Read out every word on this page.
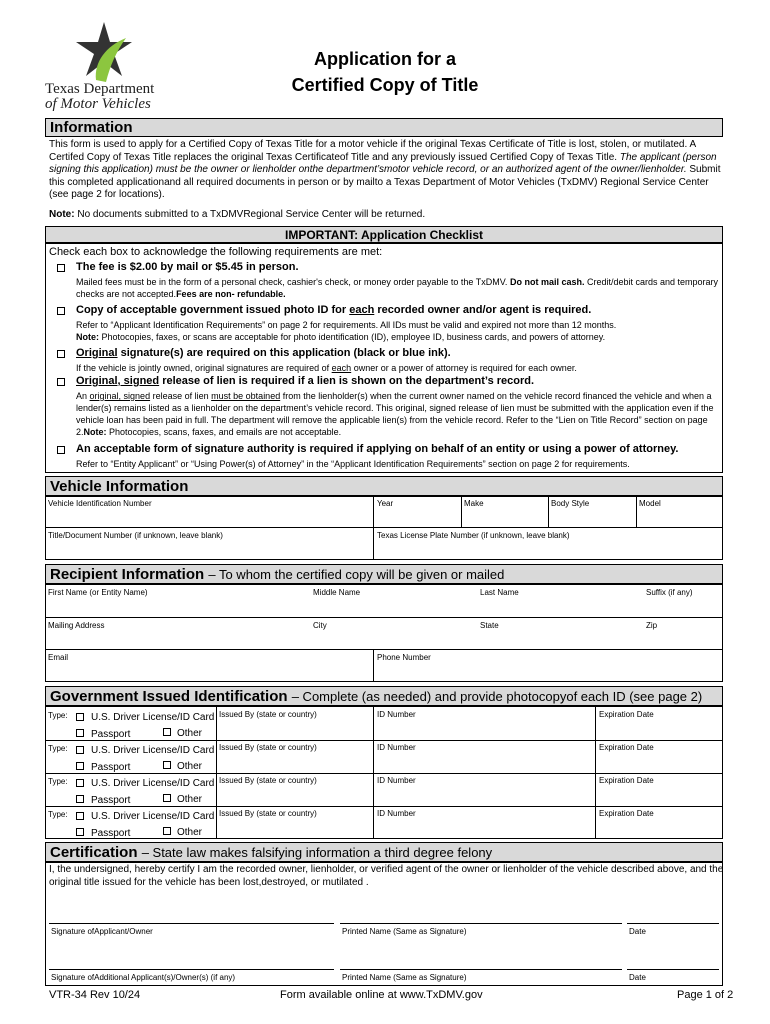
Texas Department
of Motor Vehicles
Application for a
Certified Copy of Title
Information
This form is used to apply for a Certified Copy of Texas Title for a motor vehicle if the original Texas Certificate of Title is lost, stolen, or mutilated. A Certifed Copy of Texas Title replaces the original Texas Certificateof Title and any previously issued Certified Copy of Texas Title. The applicant (person signing this application) must be the owner or lienholder onthe department’smotor vehicle record, or an authorized agent of the owner/lienholder. Submit this completed applicationand all required documents in person or by mailto a Texas Department of Motor Vehicles (TxDMV) Regional Service Center (see page 2 for locations).
Note: No documents submitted to a TxDMVRegional Service Center will be returned.
IMPORTANT: Application Checklist
Check each box to acknowledge the following requirements are met:
The fee is $2.00 by mail or $5.45 in person.
Mailed fees must be in the form of a personal check, cashier's check, or money order payable to the TxDMV. Do not mail cash. Credit/debit cards and temporary checks are not accepted.Fees are non- refundable.
Copy of acceptable government issued photo ID for each recorded owner and/or agent is required.
Refer to “Applicant Identification Requirements” on page 2 for requirements. All IDs must be valid and expired not more than 12 months.
Note: Photocopies, faxes, or scans are acceptable for photo identification (ID), employee ID, business cards, and powers of attorney.
Original signature(s) are required on this application (black or blue ink).
If the vehicle is jointly owned, original signatures are required of each owner or a power of attorney is required for each owner.
Original, signed release of lien is required if a lien is shown on the department’s record.
An original, signed release of lien must be obtained from the lienholder(s) when the current owner named on the vehicle record financed the vehicle and when a lender(s) remains listed as a lienholder on the department’s vehicle record. This original, signed release of lien must be submitted with the application even if the vehicle loan has been paid in full. The department will remove the applicable lien(s) from the vehicle record. Refer to the “Lien on Title Record” section on page 2.Note: Photocopies, scans, faxes, and emails are not acceptable.
An acceptable form of signature authority is required if applying on behalf of an entity or using a power of attorney.
Refer to “Entity Applicant” or “Using Power(s) of Attorney” in the “Applicant Identification Requirements” section on page 2 for requirements.
Vehicle Information
Vehicle Identification Number	Year	Make	Body Style	Model
Title/Document Number (if unknown, leave blank)	Texas License Plate Number (if unknown, leave blank)
Recipient Information – To whom the certified copy will be given or mailed
First Name (or Entity Name)	Middle Name	Last Name	Suffix (if any)
Mailing Address	City	State	Zip
Email	Phone Number
Government Issued Identification – Complete (as needed) and provide photocopyof each ID (see page 2)
Type: U.S. Driver License/ID Card
Passport	Other
Issued By (state or country)	ID Number	Expiration Date
Type: U.S. Driver License/ID Card
Passport	Other
Issued By (state or country)	ID Number	Expiration Date
Type: U.S. Driver License/ID Card
Passport	Other
Issued By (state or country)	ID Number	Expiration Date
Type: U.S. Driver License/ID Card
Passport	Other
Issued By (state or country)	ID Number	Expiration Date
Certification – State law makes falsifying information a third degree felony
I, the undersigned, hereby certify I am the recorded owner, lienholder, or verified agent of the owner or lienholder of the vehicle described above, and the original title issued for the vehicle has been lost,destroyed, or mutilated .
Signature ofApplicant/Owner	Printed Name (Same as Signature)	Date
Signature ofAdditional Applicant(s)/Owner(s) (if any)	Printed Name (Same as Signature)	Date
VTR-34 Rev 10/24	Form available online at www.TxDMV.gov	Page 1 of 2
